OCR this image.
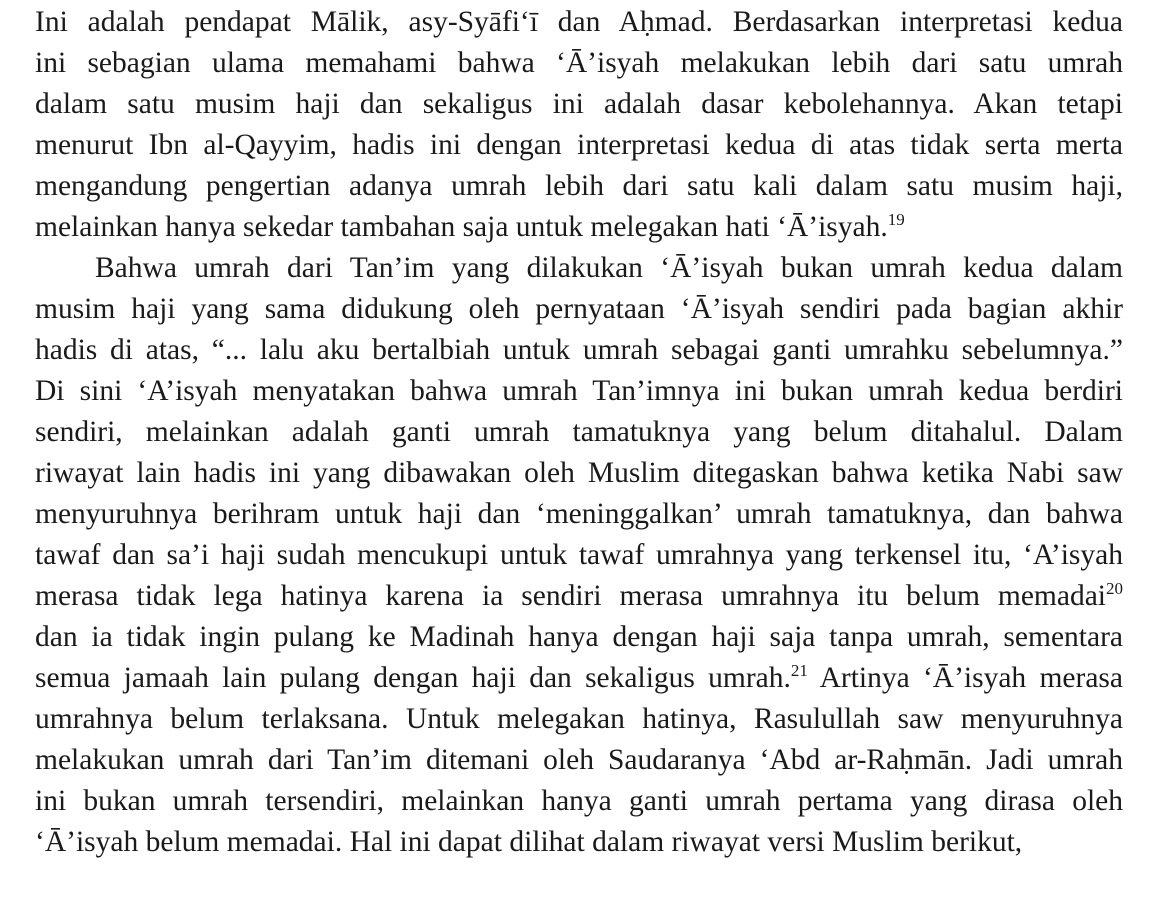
Ini adalah pendapat Mālik, asy-Syāfi‘ī dan Aḥmad. Berdasarkan interpretasi kedua
ini sebagian ulama memahami bahwa ‘Ā’isyah melakukan lebih dari satu umrah
dalam satu musim haji dan sekaligus ini adalah dasar kebolehannya. Akan tetapi
menurut Ibn al-Qayyim, hadis ini dengan interpretasi kedua di atas tidak serta merta
mengandung pengertian adanya umrah lebih dari satu kali dalam satu musim haji,
melainkan hanya sekedar tambahan saja untuk melegakan hati ‘Ā’isyah.$^{19}$
Bahwa umrah dari Tan’im yang dilakukan ‘Ā’isyah bukan umrah kedua dalam
musim haji yang sama didukung oleh pernyataan ‘Ā’isyah sendiri pada bagian akhir
hadis di atas, “... lalu aku bertalbiah untuk umrah sebagai ganti umrahku sebelumnya.”
Di sini ‘A’isyah menyatakan bahwa umrah Tan’imnya ini bukan umrah kedua berdiri
sendiri, melainkan adalah ganti umrah tamatuknya yang belum ditahalul. Dalam
riwayat lain hadis ini yang dibawakan oleh Muslim ditegaskan bahwa ketika Nabi saw
menyuruhnya berihram untuk haji dan ‘meninggalkan’ umrah tamatuknya, dan bahwa
tawaf dan sa’i haji sudah mencukupi untuk tawaf umrahnya yang terkensel itu, ‘A’isyah
merasa tidak lega hatinya karena ia sendiri merasa umrahnya itu belum memadai$^{20}$
dan ia tidak ingin pulang ke Madinah hanya dengan haji saja tanpa umrah, sementara
semua jamaah lain pulang dengan haji dan sekaligus umrah.$^{21}$ Artinya ‘Ā’isyah merasa
umrahnya belum terlaksana. Untuk melegakan hatinya, Rasulullah saw menyuruhnya
melakukan umrah dari Tan’im ditemani oleh Saudaranya ‘Abd ar-Raḥmān. Jadi umrah
ini bukan umrah tersendiri, melainkan hanya ganti umrah pertama yang dirasa oleh
‘Ā’isyah belum memadai. Hal ini dapat dilihat dalam riwayat versi Muslim berikut,
